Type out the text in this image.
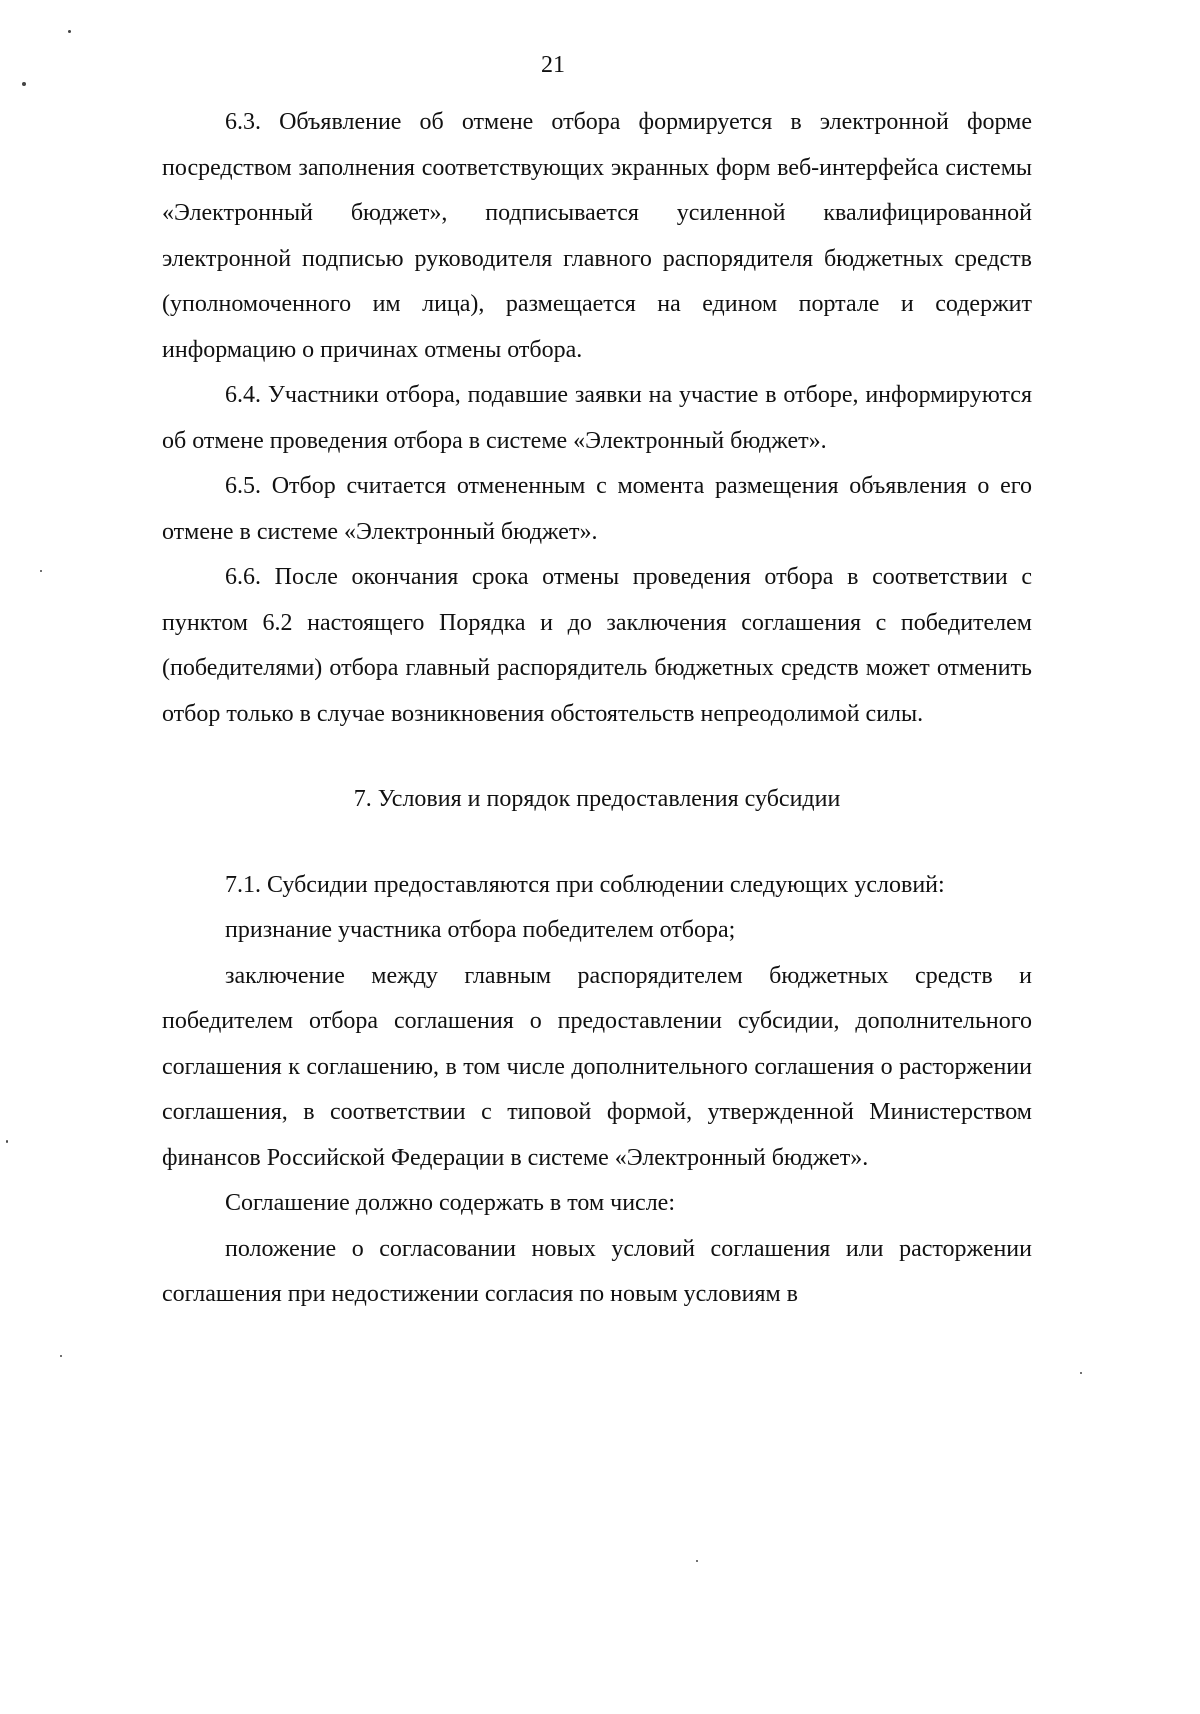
21

6.3. Объявление об отмене отбора формируется в электронной форме посредством заполнения соответствующих экранных форм веб-интерфейса системы «Электронный бюджет», подписывается усиленной квалифицированной электронной подписью руководителя главного распорядителя бюджетных средств (уполномоченного им лица), размещается на едином портале и содержит информацию о причинах отмены отбора.

6.4. Участники отбора, подавшие заявки на участие в отборе, информируются об отмене проведения отбора в системе «Электронный бюджет».

6.5. Отбор считается отмененным с момента размещения объявления о его отмене в системе «Электронный бюджет».

6.6. После окончания срока отмены проведения отбора в соответствии с пунктом 6.2 настоящего Порядка и до заключения соглашения с победителем (победителями) отбора главный распорядитель бюджетных средств может отменить отбор только в случае возникновения обстоятельств непреодолимой силы.

7. Условия и порядок предоставления субсидии

7.1. Субсидии предоставляются при соблюдении следующих условий:

признание участника отбора победителем отбора;

заключение между главным распорядителем бюджетных средств и победителем отбора соглашения о предоставлении субсидии, дополнительного соглашения к соглашению, в том числе дополнительного соглашения о расторжении соглашения, в соответствии с типовой формой, утвержденной Министерством финансов Российской Федерации в системе «Электронный бюджет».

Соглашение должно содержать в том числе:

положение о согласовании новых условий соглашения или расторжении соглашения при недостижении согласия по новым условиям в
